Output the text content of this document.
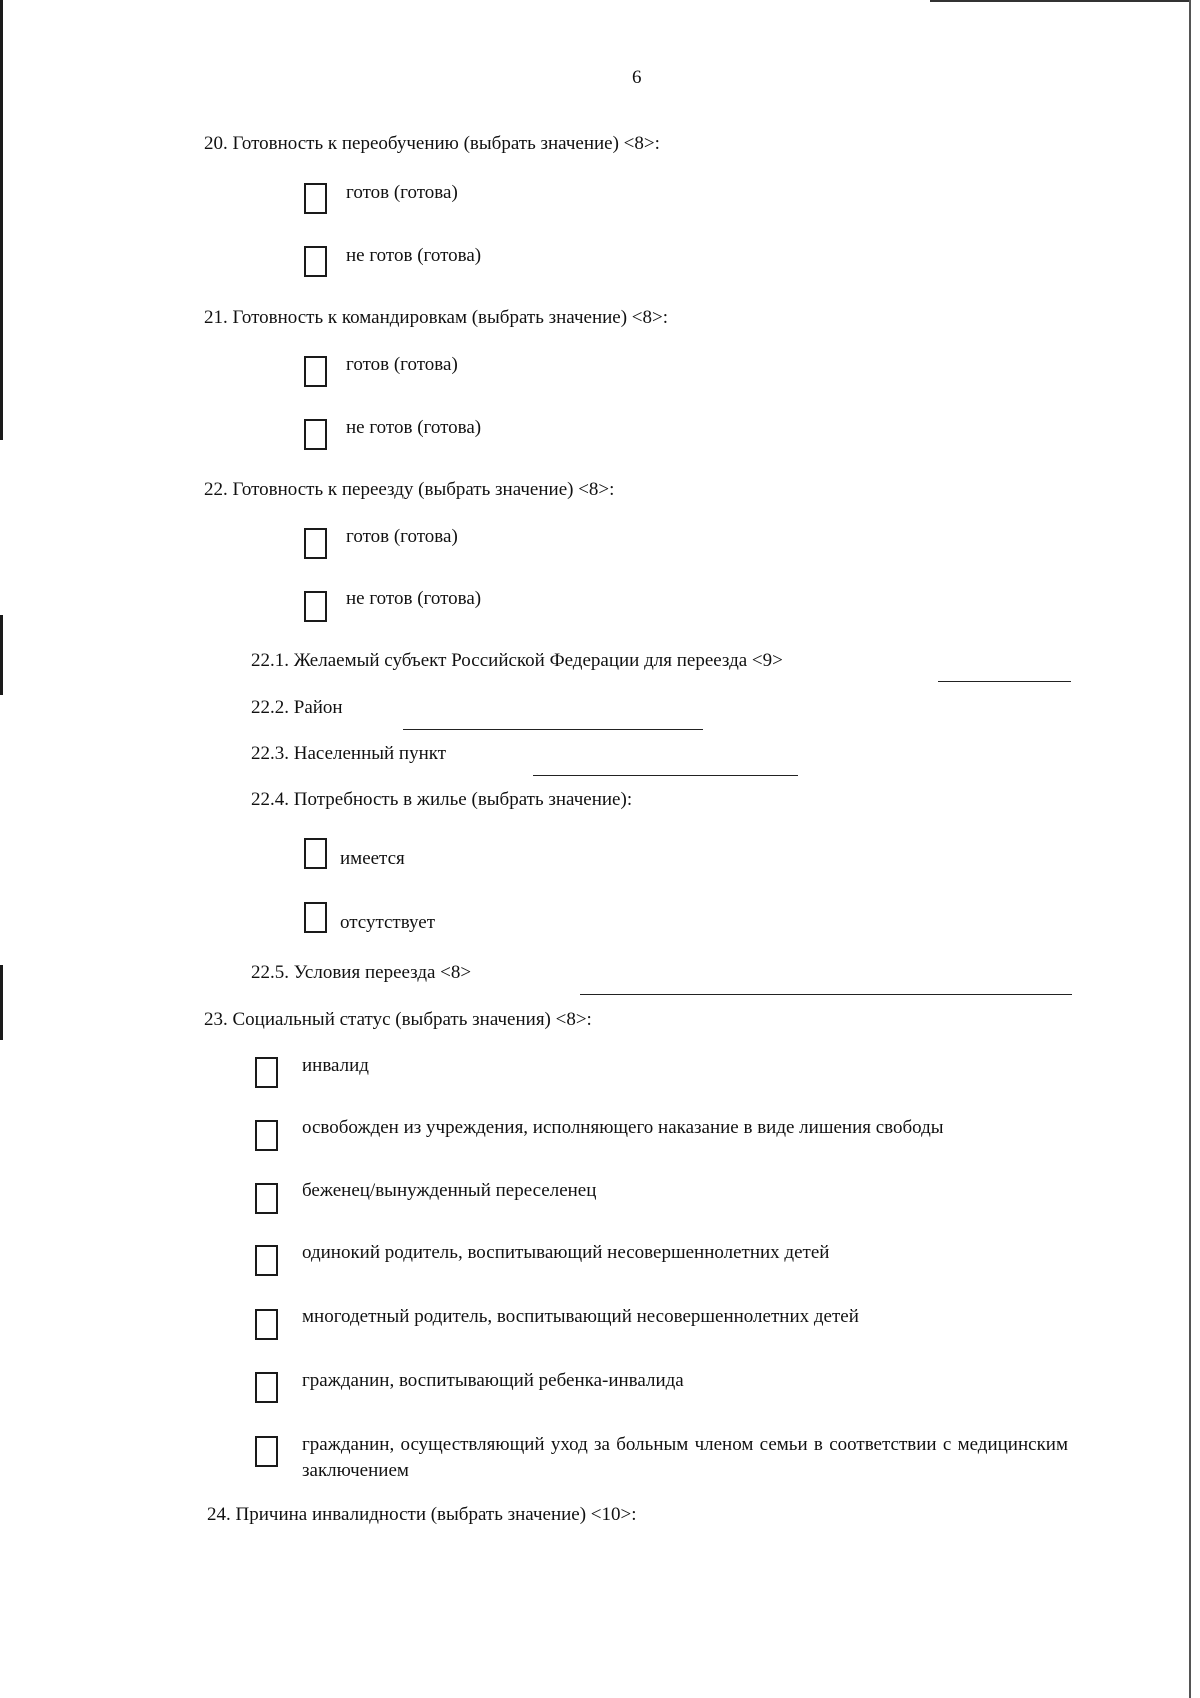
6
20. Готовность к переобучению (выбрать значение) <8>:
готов (готова)
не готов (готова)
21. Готовность к командировкам (выбрать значение) <8>:
готов (готова)
не готов (готова)
22. Готовность к переезду (выбрать значение) <8>:
готов (готова)
не готов (готова)
22.1. Желаемый субъект Российской Федерации для переезда <9>
22.2. Район
22.3. Населенный пункт
22.4. Потребность в жилье (выбрать значение):
имеется
отсутствует
22.5. Условия переезда <8>
23. Социальный статус (выбрать значения) <8>:
инвалид
освобожден из учреждения, исполняющего наказание в виде лишения свободы
беженец/вынужденный переселенец
одинокий родитель, воспитывающий несовершеннолетних детей
многодетный родитель, воспитывающий несовершеннолетних детей
гражданин, воспитывающий ребенка-инвалида
гражданин, осуществляющий уход за больным членом семьи в соответствии с медицинским заключением
24. Причина инвалидности (выбрать значение) <10>:
